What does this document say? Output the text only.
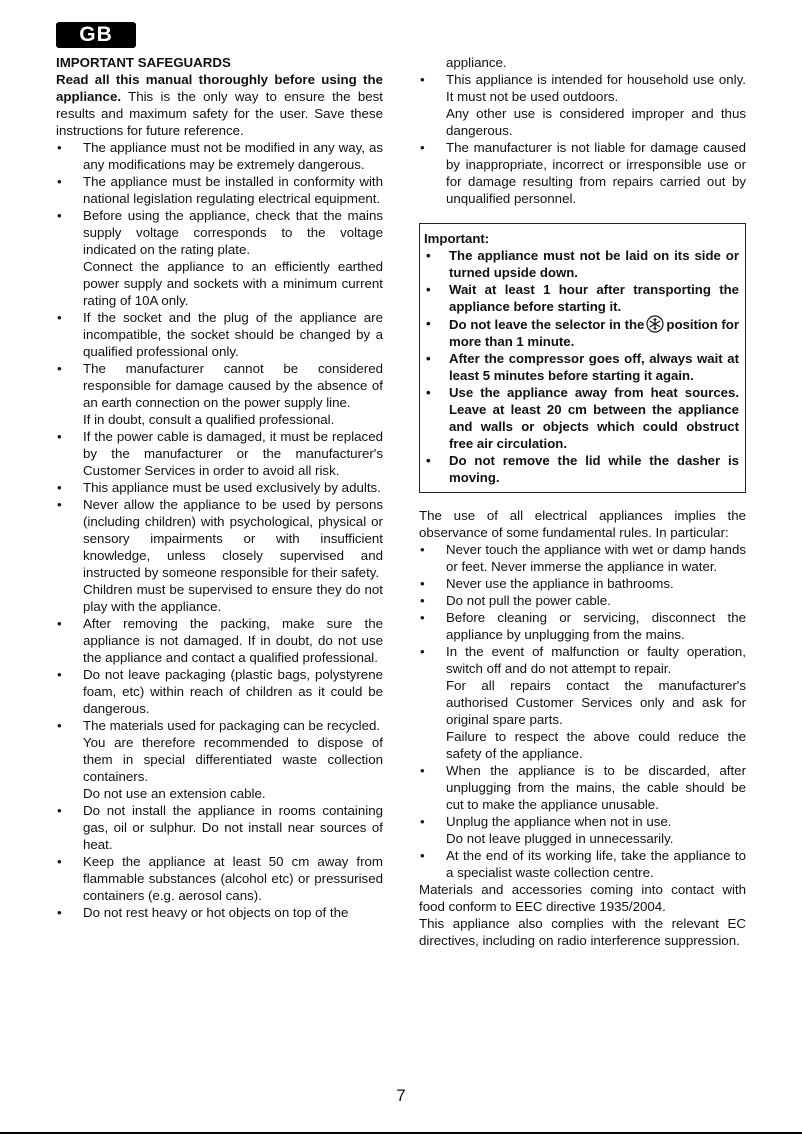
GB
IMPORTANT SAFEGUARDS

Read all this manual thoroughly before using the appliance. This is the only way to ensure the best results and maximum safety for the user. Save these instructions for future reference.

• The appliance must not be modified in any way, as any modifications may be extremely dangerous.
• The appliance must be installed in conformity with national legislation regulating electrical equipment.
• Before using the appliance, check that the mains supply voltage corresponds to the voltage indicated on the rating plate.
Connect the appliance to an efficiently earthed power supply and sockets with a minimum current rating of 10A only.
• If the socket and the plug of the appliance are incompatible, the socket should be changed by a qualified professional only.
• The manufacturer cannot be considered responsible for damage caused by the absence of an earth connection on the power supply line.
If in doubt, consult a qualified professional.
• If the power cable is damaged, it must be replaced by the manufacturer or the manufacturer's Customer Services in order to avoid all risk.
• This appliance must be used exclusively by adults.
• Never allow the appliance to be used by persons (including children) with psychological, physical or sensory impairments or with insufficient knowledge, unless closely supervised and instructed by someone responsible for their safety.
Children must be supervised to ensure they do not play with the appliance.
• After removing the packing, make sure the appliance is not damaged. If in doubt, do not use the appliance and contact a qualified professional.
• Do not leave packaging (plastic bags, polystyrene foam, etc) within reach of children as it could be dangerous.
• The materials used for packaging can be recycled.
You are therefore recommended to dispose of them in special differentiated waste collection containers.
Do not use an extension cable.
• Do not install the appliance in rooms containing gas, oil or sulphur. Do not install near sources of heat.
• Keep the appliance at least 50 cm away from flammable substances (alcohol etc) or pressurised containers (e.g. aerosol cans).
• Do not rest heavy or hot objects on top of the

appliance.

• This appliance is intended for household use only. It must not be used outdoors.
Any other use is considered improper and thus dangerous.
• The manufacturer is not liable for damage caused by inappropriate, incorrect or irresponsible use or for damage resulting from repairs carried out by unqualified personnel.
Important:
• The appliance must not be laid on its side or turned upside down.
• Wait at least 1 hour after transporting the appliance before starting it.
• Do not leave the selector in the position for more than 1 minute.
• After the compressor goes off, always wait at least 5 minutes before starting it again.
• Use the appliance away from heat sources. Leave at least 20 cm between the appliance and walls or objects which could obstruct free air circulation.
• Do not remove the lid while the dasher is moving.

The use of all electrical appliances implies the observance of some fundamental rules. In particular:

• Never touch the appliance with wet or damp hands or feet. Never immerse the appliance in water.
• Never use the appliance in bathrooms.
• Do not pull the power cable.
• Before cleaning or servicing, disconnect the appliance by unplugging from the mains.
• In the event of malfunction or faulty operation, switch off and do not attempt to repair.
For all repairs contact the manufacturer's authorised Customer Services only and ask for original spare parts.
Failure to respect the above could reduce the safety of the appliance.
• When the appliance is to be discarded, after unplugging from the mains, the cable should be cut to make the appliance unusable.
• Unplug the appliance when not in use.
Do not leave plugged in unnecessarily.
• At the end of its working life, take the appliance to a specialist waste collection centre.

Materials and accessories coming into contact with food conform to EEC directive 1935/2004.

This appliance also complies with the relevant EC directives, including on radio interference suppression.

7
